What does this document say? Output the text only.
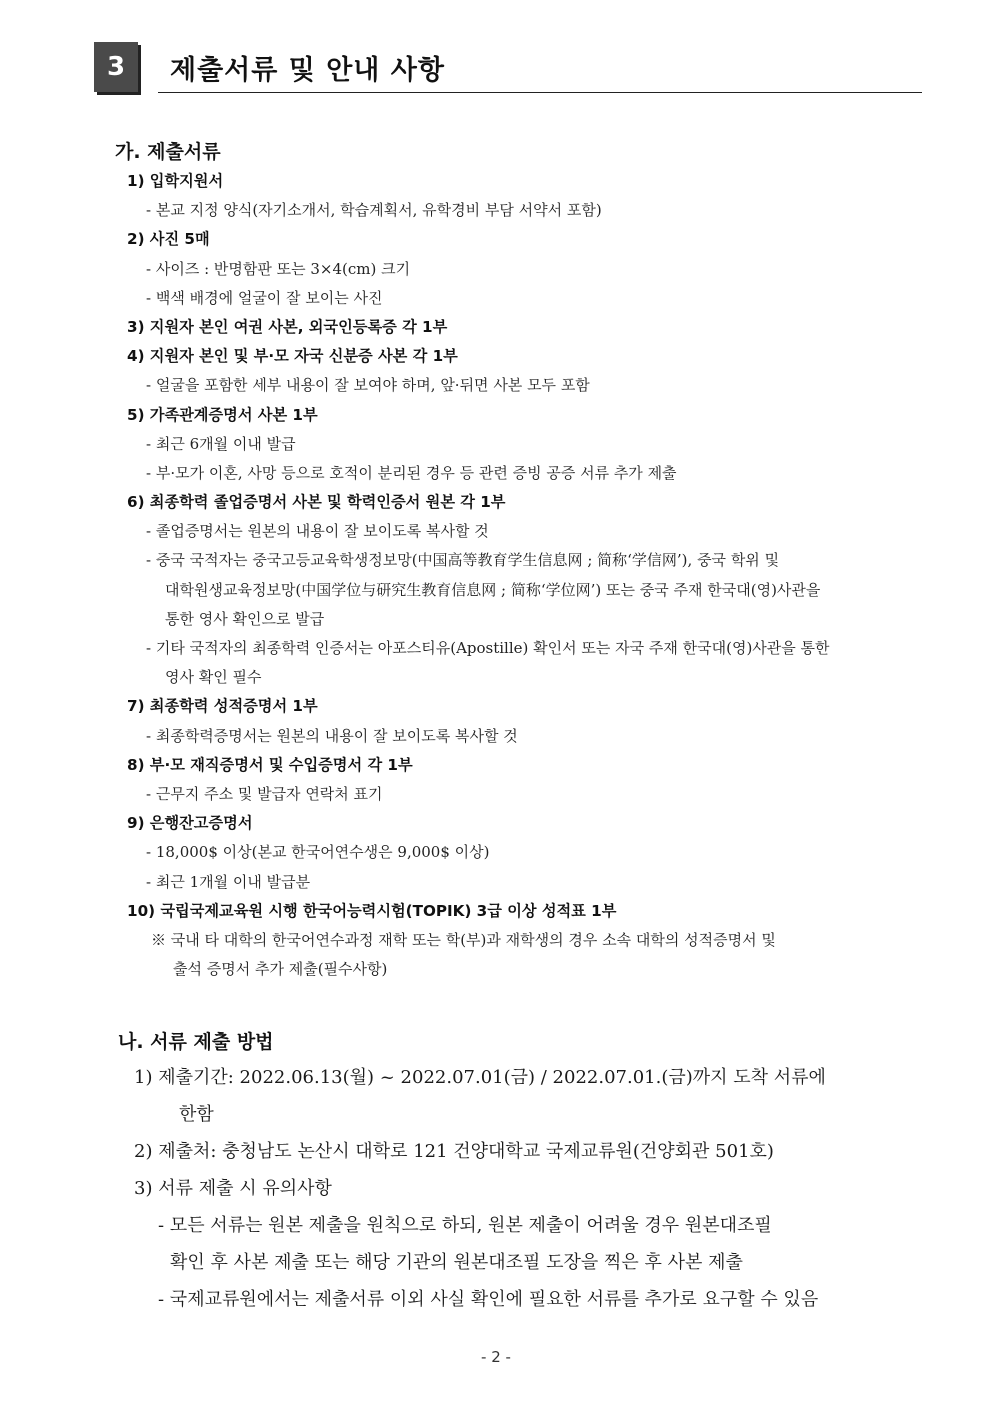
3	제출서류 및 안내 사항
가. 제출서류
1) 입학지원서
- 본교 지정 양식(자기소개서, 학습계획서, 유학경비 부담 서약서 포함)
2) 사진 5매
- 사이즈 : 반명함판 또는 3×4(cm) 크기
- 백색 배경에 얼굴이 잘 보이는 사진
3) 지원자 본인 여권 사본, 외국인등록증 각 1부
4) 지원자 본인 및 부·모 자국 신분증 사본 각 1부
- 얼굴을 포함한 세부 내용이 잘 보여야 하며, 앞·뒤면 사본 모두 포함
5) 가족관계증명서 사본 1부
- 최근 6개월 이내 발급
- 부·모가 이혼, 사망 등으로 호적이 분리된 경우 등 관련 증빙 공증 서류 추가 제출
6) 최종학력 졸업증명서 사본 및 학력인증서 원본 각 1부
- 졸업증명서는 원본의 내용이 잘 보이도록 복사할 것
- 중국 국적자는 중국고등교육학생정보망(中国高等教育学生信息网 ; 简称‘学信网’), 중국 학위 및
대학원생교육정보망(中国学位与研究生教育信息网 ; 简称‘学位网’) 또는 중국 주재 한국대(영)사관을
통한 영사 확인으로 발급
- 기타 국적자의 최종학력 인증서는 아포스티유(Apostille) 확인서 또는 자국 주재 한국대(영)사관을 통한
영사 확인 필수
7) 최종학력 성적증명서 1부
- 최종학력증명서는 원본의 내용이 잘 보이도록 복사할 것
8) 부·모 재직증명서 및 수입증명서 각 1부
- 근무지 주소 및 발급자 연락처 표기
9) 은행잔고증명서
- 18,000$ 이상(본교 한국어연수생은 9,000$ 이상)
- 최근 1개월 이내 발급분
10) 국립국제교육원 시행 한국어능력시험(TOPIK) 3급 이상 성적표 1부
※ 국내 타 대학의 한국어연수과정 재학 또는 학(부)과 재학생의 경우 소속 대학의 성적증명서 및
출석 증명서 추가 제출(필수사항)
나. 서류 제출 방법
1) 제출기간: 2022.06.13(월) ~ 2022.07.01(금) / 2022.07.01.(금)까지 도착 서류에
한함
2) 제출처: 충청남도 논산시 대학로 121 건양대학교 국제교류원(건양회관 501호)
3) 서류 제출 시 유의사항
- 모든 서류는 원본 제출을 원칙으로 하되, 원본 제출이 어려울 경우 원본대조필
확인 후 사본 제출 또는 해당 기관의 원본대조필 도장을 찍은 후 사본 제출
- 국제교류원에서는 제출서류 이외 사실 확인에 필요한 서류를 추가로 요구할 수 있음
- 2 -
